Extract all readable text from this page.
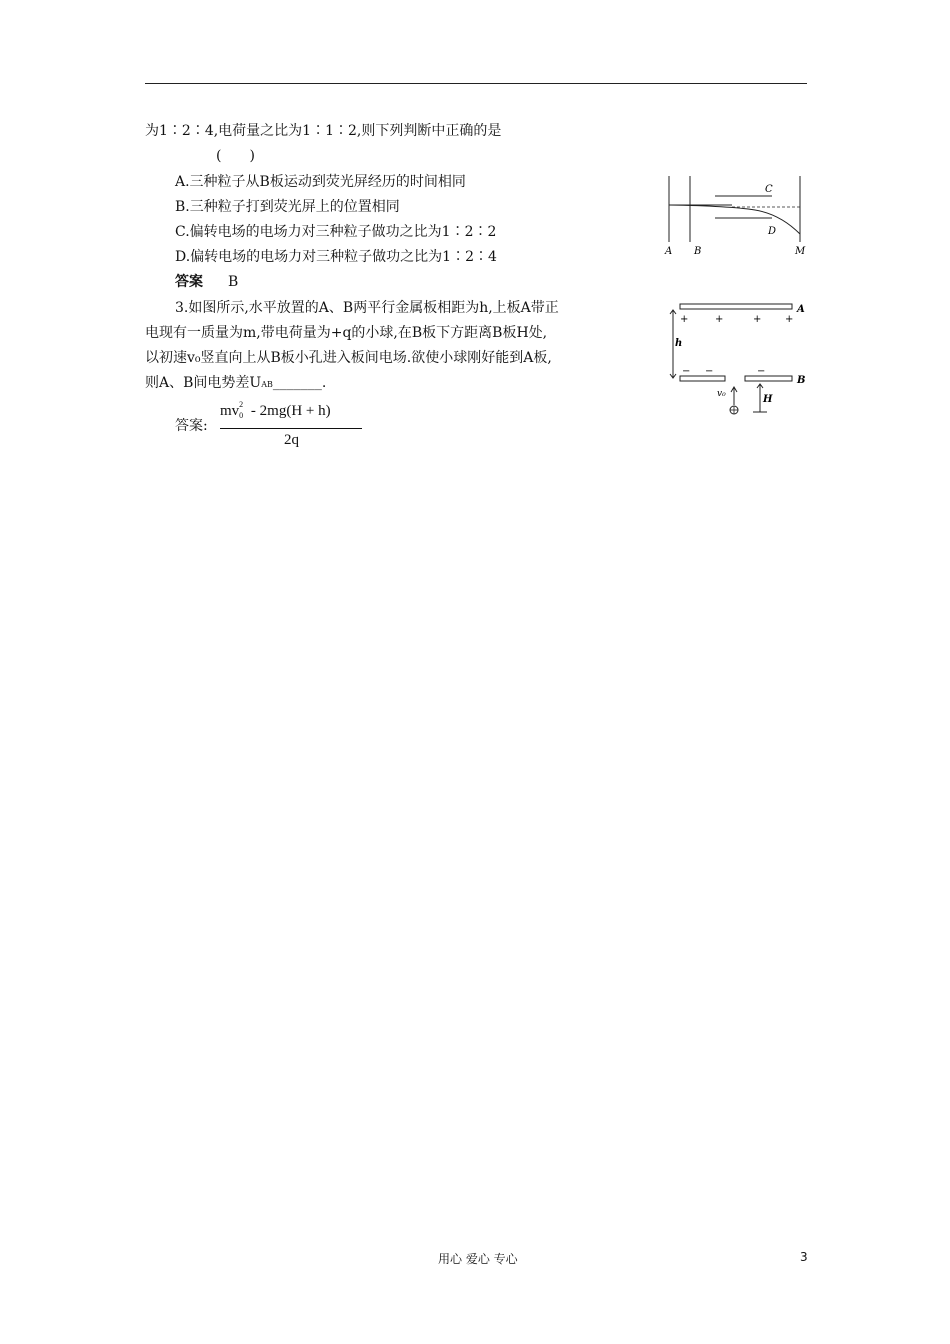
为1∶2∶4,电荷量之比为1∶1∶2,则下列判断中正确的是
(　　)
A.三种粒子从B板运动到荧光屏经历的时间相同
B.三种粒子打到荧光屏上的位置相同
C.偏转电场的电场力对三种粒子做功之比为1∶2∶2
D.偏转电场的电场力对三种粒子做功之比为1∶2∶4
答案 B
C
D
A B	M
3.如图所示,水平放置的A、B两平行金属板相距为h,上板A带正
电现有一质量为m,带电荷量为+q的小球,在B板下方距离B板H处,
以初速v₀竖直向上从B板小孔进入板间电场.欲使小球刚好能到A板,
则A、B间电势差UAB_______.
答案:
$mv^2_0 - 2mg(H + h)$
2q
A
+	+	+ +
h
− −	−
B
v₀	H
用心 爱心 专心	3
